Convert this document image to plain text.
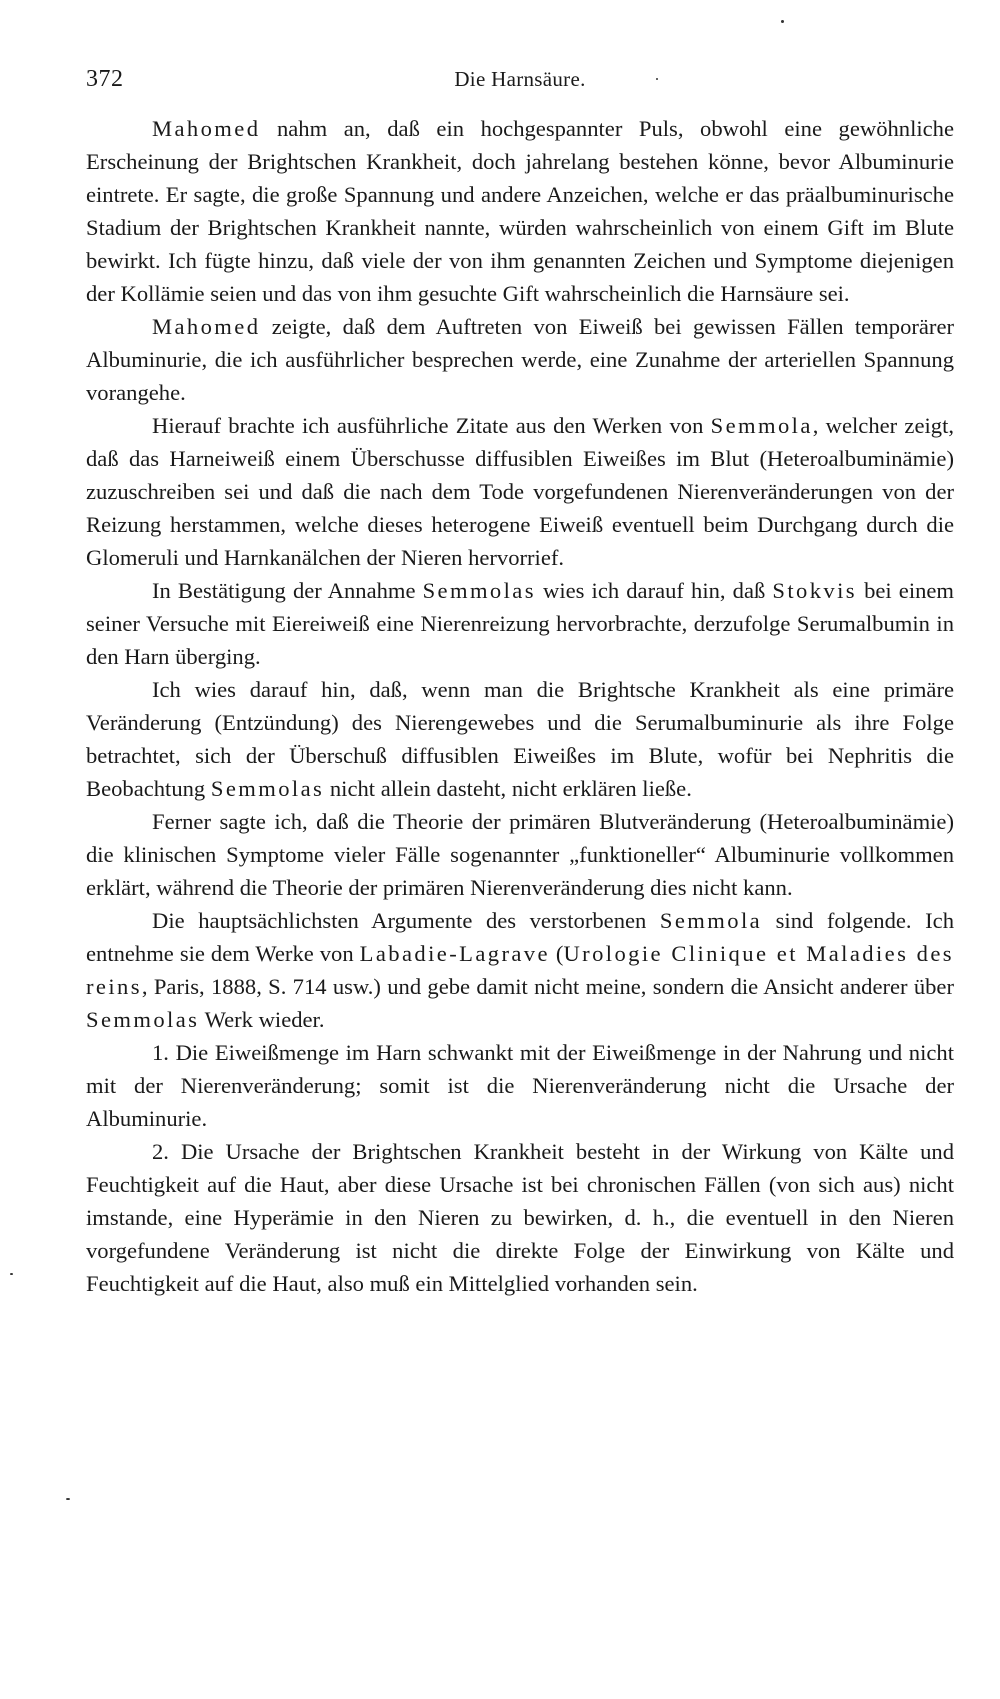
372	Die Harnsäure.

Mahomed nahm an, daß ein hochgespannter Puls, obwohl eine gewöhnliche Erscheinung der Brightschen Krankheit, doch jahrelang bestehen könne, bevor Albuminurie eintrete. Er sagte, die große Spannung und andere Anzeichen, welche er das präalbuminurische Stadium der Brightschen Krankheit nannte, würden wahrscheinlich von einem Gift im Blute bewirkt. Ich fügte hinzu, daß viele der von ihm genannten Zeichen und Symptome diejenigen der Kollämie seien und das von ihm gesuchte Gift wahrscheinlich die Harnsäure sei.

Mahomed zeigte, daß dem Auftreten von Eiweiß bei gewissen Fällen temporärer Albuminurie, die ich ausführlicher besprechen werde, eine Zunahme der arteriellen Spannung vorangehe.

Hierauf brachte ich ausführliche Zitate aus den Werken von Semmola, welcher zeigt, daß das Harneiweiß einem Überschusse diffusiblen Eiweißes im Blut (Heteroalbuminämie) zuzuschreiben sei und daß die nach dem Tode vorgefundenen Nierenveränderungen von der Reizung herstammen, welche dieses heterogene Eiweiß eventuell beim Durchgang durch die Glomeruli und Harnkanälchen der Nieren hervorrief.

In Bestätigung der Annahme Semmolas wies ich darauf hin, daß Stokvis bei einem seiner Versuche mit Eiereiweiß eine Nierenreizung hervorbrachte, derzufolge Serumalbumin in den Harn überging.

Ich wies darauf hin, daß, wenn man die Brightsche Krankheit als eine primäre Veränderung (Entzündung) des Nierengewebes und die Serumalbuminurie als ihre Folge betrachtet, sich der Überschuß diffusiblen Eiweißes im Blute, wofür bei Nephritis die Beobachtung Semmolas nicht allein dasteht, nicht erklären ließe.

Ferner sagte ich, daß die Theorie der primären Blutveränderung (Heteroalbuminämie) die klinischen Symptome vieler Fälle sogenannter „funktioneller“ Albuminurie vollkommen erklärt, während die Theorie der primären Nierenveränderung dies nicht kann.

Die hauptsächlichsten Argumente des verstorbenen Semmola sind folgende. Ich entnehme sie dem Werke von Labadie-Lagrave (Urologie Clinique et Maladies des reins, Paris, 1888, S. 714 usw.) und gebe damit nicht meine, sondern die Ansicht anderer über Semmolas Werk wieder.

1. Die Eiweißmenge im Harn schwankt mit der Eiweißmenge in der Nahrung und nicht mit der Nierenveränderung; somit ist die Nierenveränderung nicht die Ursache der Albuminurie.

2. Die Ursache der Brightschen Krankheit besteht in der Wirkung von Kälte und Feuchtigkeit auf die Haut, aber diese Ursache ist bei chronischen Fällen (von sich aus) nicht imstande, eine Hyperämie in den Nieren zu bewirken, d. h., die eventuell in den Nieren vorgefundene Veränderung ist nicht die direkte Folge der Einwirkung von Kälte und Feuchtigkeit auf die Haut, also muß ein Mittelglied vorhanden sein.
